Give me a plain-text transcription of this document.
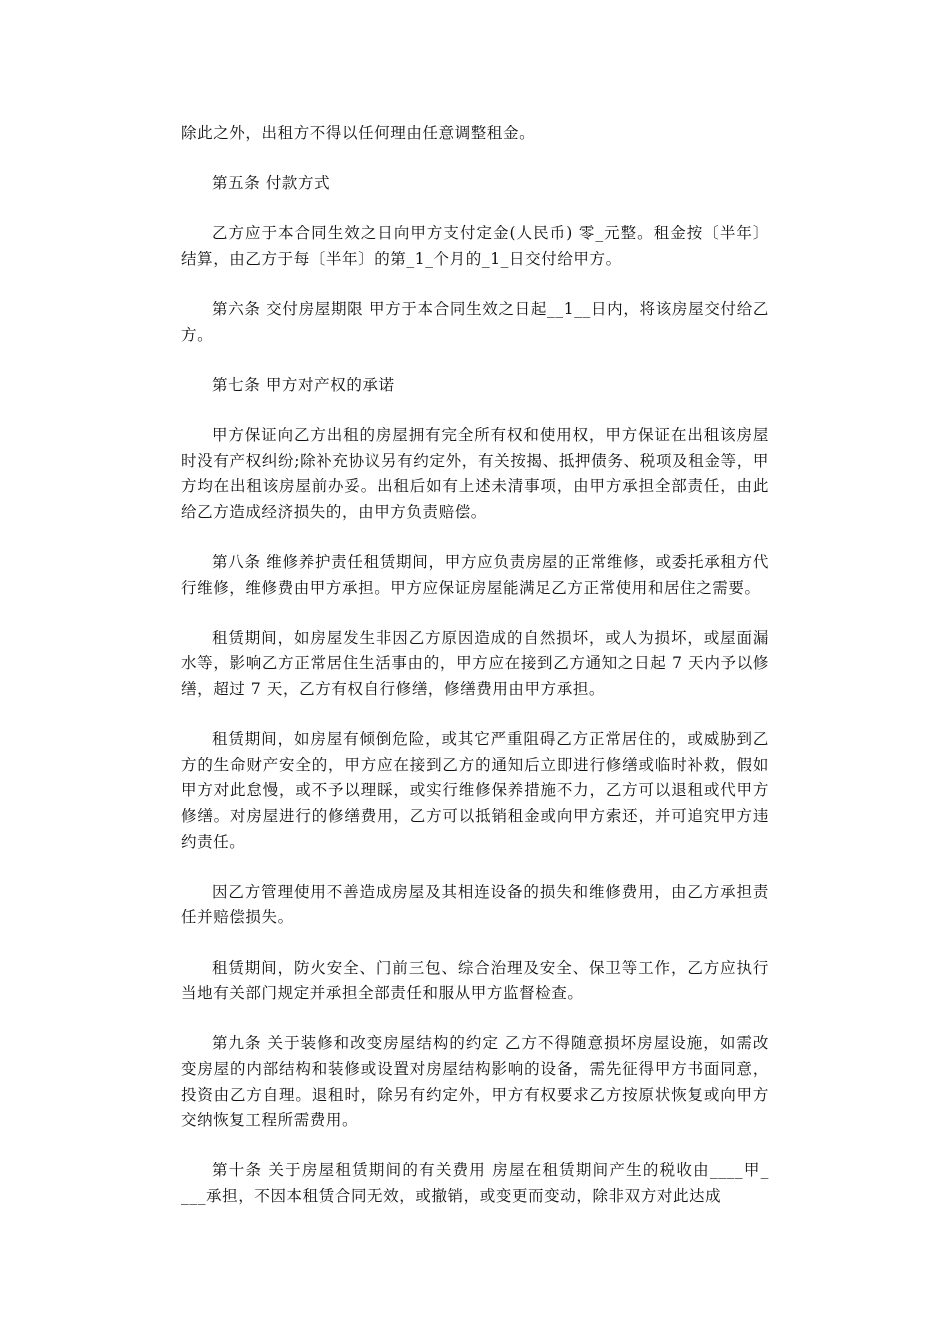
除此之外，出租方不得以任何理由任意调整租金。

第五条 付款方式

乙方应于本合同生效之日向甲方支付定金(人民币) 零_元整。租金按〔半年〕结算，由乙方于每〔半年〕的第_1_个月的_1_日交付给甲方。

第六条 交付房屋期限 甲方于本合同生效之日起__1__日内，将该房屋交付给乙方。

第七条 甲方对产权的承诺

甲方保证向乙方出租的房屋拥有完全所有权和使用权，甲方保证在出租该房屋时没有产权纠纷;除补充协议另有约定外，有关按揭、抵押债务、税项及租金等，甲方均在出租该房屋前办妥。出租后如有上述未清事项，由甲方承担全部责任，由此给乙方造成经济损失的，由甲方负责赔偿。

第八条 维修养护责任租赁期间，甲方应负责房屋的正常维修，或委托承租方代行维修，维修费由甲方承担。甲方应保证房屋能满足乙方正常使用和居住之需要。

租赁期间，如房屋发生非因乙方原因造成的自然损坏，或人为损坏，或屋面漏水等，影响乙方正常居住生活事由的，甲方应在接到乙方通知之日起 7 天内予以修缮，超过 7 天，乙方有权自行修缮，修缮费用由甲方承担。

租赁期间，如房屋有倾倒危险，或其它严重阻碍乙方正常居住的，或威胁到乙方的生命财产安全的，甲方应在接到乙方的通知后立即进行修缮或临时补救，假如甲方对此怠慢，或不予以理睬，或实行维修保养措施不力，乙方可以退租或代甲方修缮。对房屋进行的修缮费用，乙方可以抵销租金或向甲方索还，并可追究甲方违约责任。

因乙方管理使用不善造成房屋及其相连设备的损失和维修费用，由乙方承担责任并赔偿损失。

租赁期间，防火安全、门前三包、综合治理及安全、保卫等工作，乙方应执行当地有关部门规定并承担全部责任和服从甲方监督检查。

第九条 关于装修和改变房屋结构的约定 乙方不得随意损坏房屋设施，如需改变房屋的内部结构和装修或设置对房屋结构影响的设备，需先征得甲方书面同意，投资由乙方自理。退租时，除另有约定外，甲方有权要求乙方按原状恢复或向甲方交纳恢复工程所需费用。

第十条 关于房屋租赁期间的有关费用 房屋在租赁期间产生的税收由____甲_ ___承担，不因本租赁合同无效，或撤销，或变更而变动，除非双方对此达成
